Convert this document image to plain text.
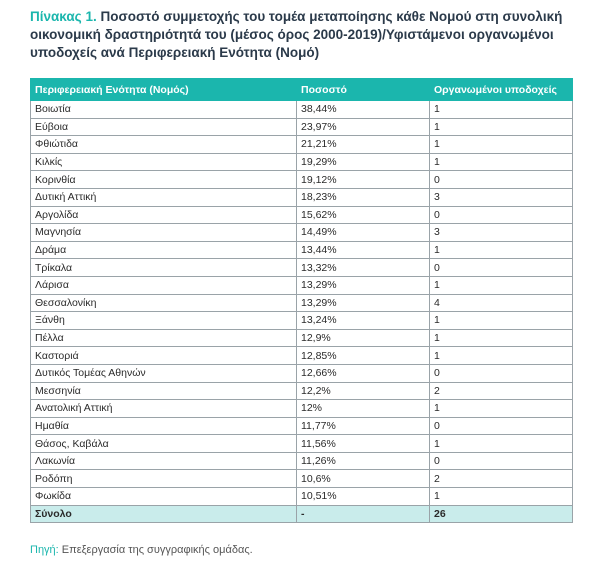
Πίνακας 1. Ποσοστό συμμετοχής του τομέα μεταποίησης κάθε Νομού στη συνολική οικονομική δραστηριότητά του (μέσος όρος 2000-2019)/Υφιστάμενοι οργανωμένοι υποδοχείς ανά Περιφερειακή Ενότητα (Νομό)
Περιφερειακή Ενότητα (Νομός)	Ποσοστό	Οργανωμένοι υποδοχείς
Βοιωτία	38,44%	1
Εύβοια	23,97%	1
Φθιώτιδα	21,21%	1
Κιλκίς	19,29%	1
Κορινθία	19,12%	0
Δυτική Αττική	18,23%	3
Αργολίδα	15,62%	0
Μαγνησία	14,49%	3
Δράμα	13,44%	1
Τρίκαλα	13,32%	0
Λάρισα	13,29%	1
Θεσσαλονίκη	13,29%	4
Ξάνθη	13,24%	1
Πέλλα	12,9%	1
Καστοριά	12,85%	1
Δυτικός Τομέας Αθηνών	12,66%	0
Μεσσηνία	12,2%	2
Ανατολική Αττική	12%	1
Ημαθία	11,77%	0
Θάσος, Καβάλα	11,56%	1
Λακωνία	11,26%	0
Ροδόπη	10,6%	2
Φωκίδα	10,51%	1
Σύνολο	-	26
Πηγή: Επεξεργασία της συγγραφικής ομάδας.
